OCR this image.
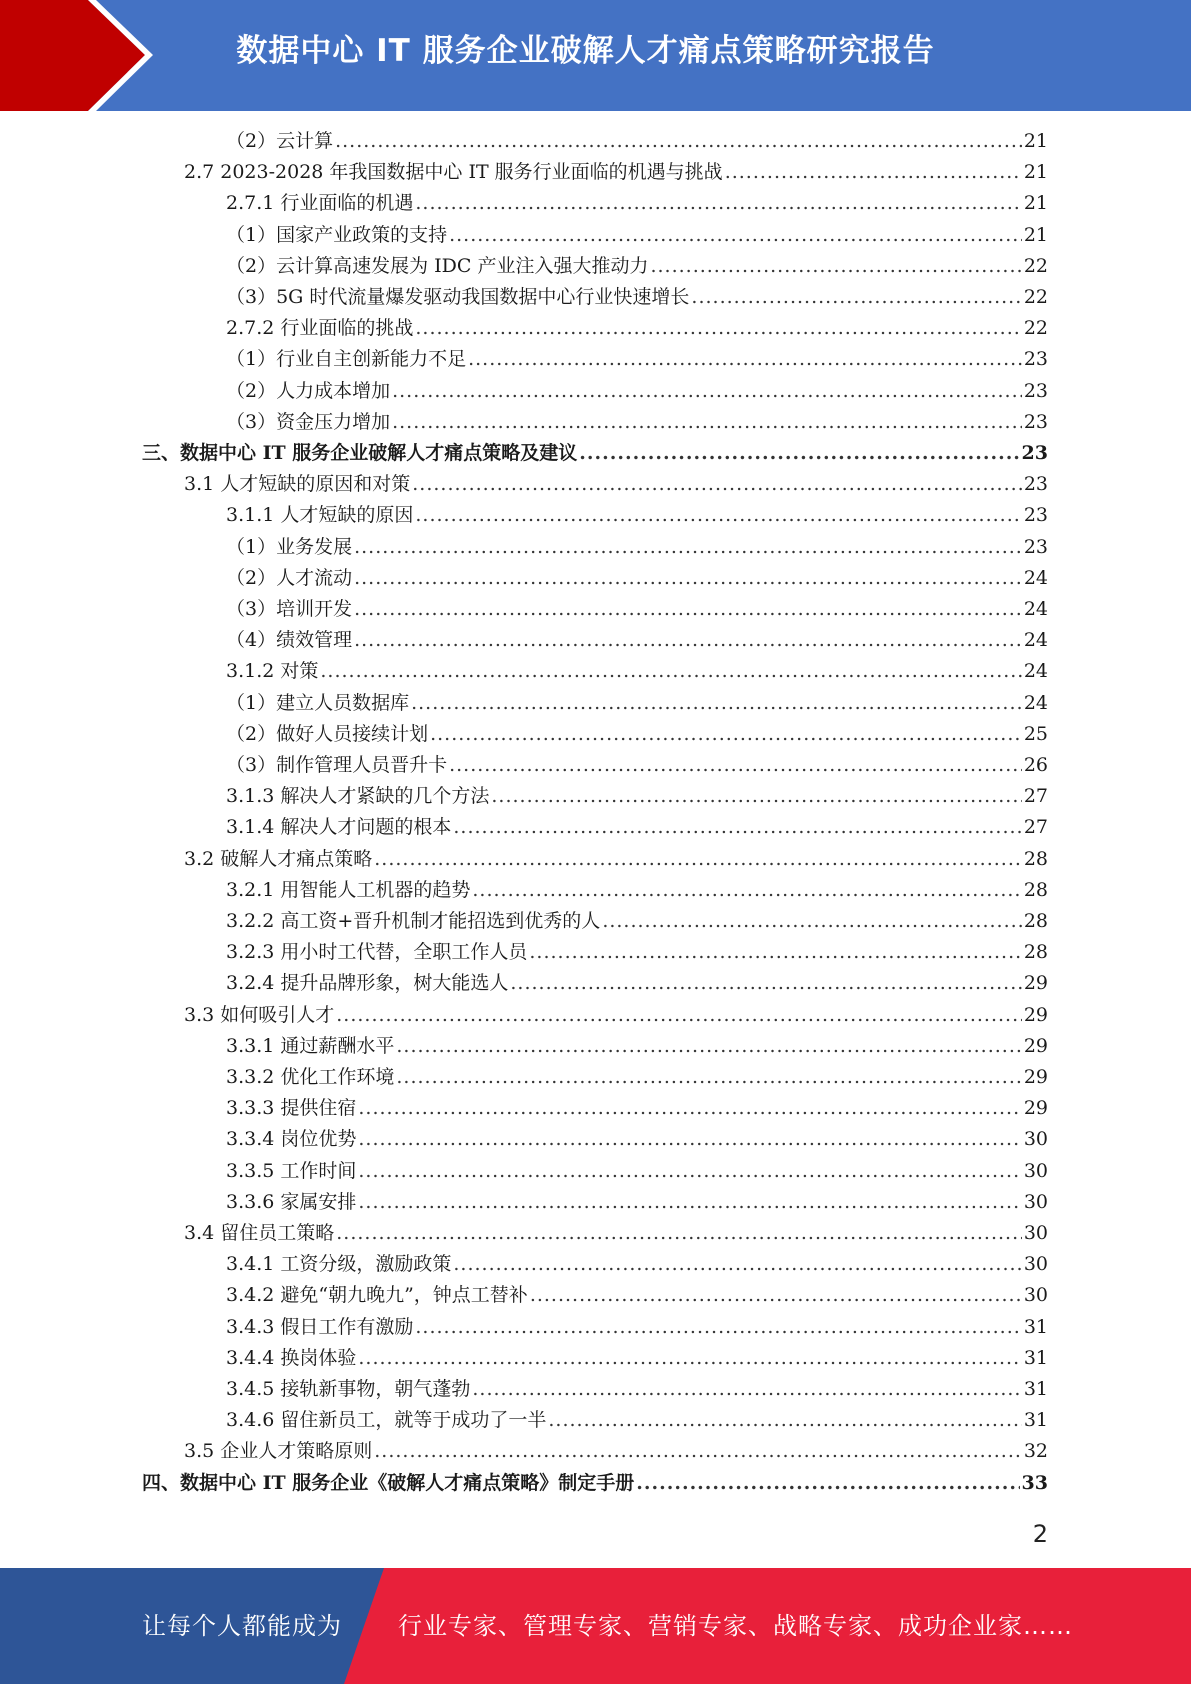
数据中心 IT 服务企业破解人才痛点策略研究报告
（2）云计算 .....	21
2.7 2023-2028 年我国数据中心 IT 服务行业面临的机遇与挑战 .....	21
2.7.1 行业面临的机遇 .....	21
（1）国家产业政策的支持 .....	21
（2）云计算高速发展为 IDC 产业注入强大推动力 .....	22
（3）5G 时代流量爆发驱动我国数据中心行业快速增长 .....	22
2.7.2 行业面临的挑战 .....	22
（1）行业自主创新能力不足 .....	23
（2）人力成本增加 .....	23
（3）资金压力增加 .....	23
三、数据中心 IT 服务企业破解人才痛点策略及建议 .....	23
3.1 人才短缺的原因和对策 .....	23
3.1.1 人才短缺的原因 .....	23
（1）业务发展 .....	23
（2）人才流动 .....	24
（3）培训开发 .....	24
（4）绩效管理 .....	24
3.1.2 对策 .....	24
（1）建立人员数据库 .....	24
（2）做好人员接续计划 .....	25
（3）制作管理人员晋升卡 .....	26
3.1.3 解决人才紧缺的几个方法 .....	27
3.1.4 解决人才问题的根本 .....	27
3.2 破解人才痛点策略 .....	28
3.2.1 用智能人工机器的趋势 .....	28
3.2.2 高工资+晋升机制才能招选到优秀的人 .....	28
3.2.3 用小时工代替，全职工作人员 .....	28
3.2.4 提升品牌形象，树大能选人 .....	29
3.3 如何吸引人才 .....	29
3.3.1 通过薪酬水平 .....	29
3.3.2 优化工作环境 .....	29
3.3.3 提供住宿 .....	29
3.3.4 岗位优势 .....	30
3.3.5 工作时间 .....	30
3.3.6 家属安排 .....	30
3.4 留住员工策略 .....	30
3.4.1 工资分级，激励政策 .....	30
3.4.2 避免“朝九晚九”，钟点工替补 .....	30
3.4.3 假日工作有激励 .....	31
3.4.4 换岗体验 .....	31
3.4.5 接轨新事物，朝气蓬勃 .....	31
3.4.6 留住新员工，就等于成功了一半 .....	31
3.5 企业人才策略原则 .....	32
四、数据中心 IT 服务企业《破解人才痛点策略》制定手册 .....	33
2
让每个人都能成为 行业专家、管理专家、营销专家、战略专家、成功企业家……
